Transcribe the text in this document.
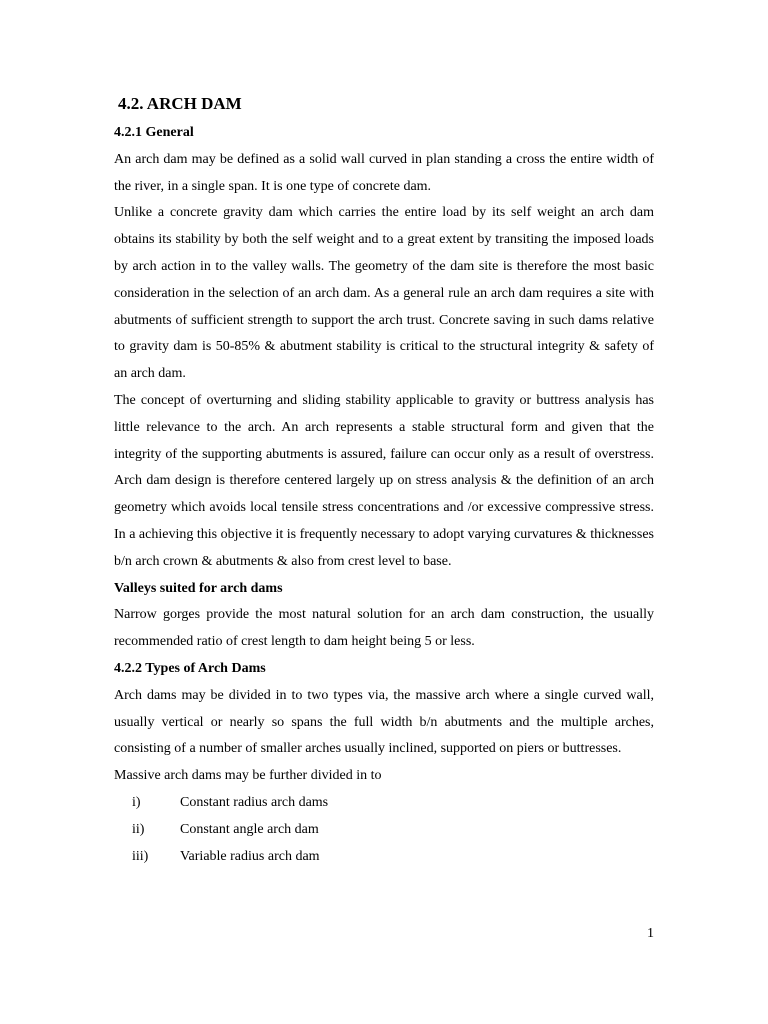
4.2. ARCH DAM
4.2.1 General

An arch dam may be defined as a solid wall curved in plan standing a cross the entire width of the river, in a single span. It is one type of concrete dam.

Unlike a concrete gravity dam which carries the entire load by its self weight an arch dam obtains its stability by both the self weight and to a great extent by transiting the imposed loads by arch action in to the valley walls. The geometry of the dam site is therefore the most basic consideration in the selection of an arch dam. As a general rule an arch dam requires a site with abutments of sufficient strength to support the arch trust. Concrete saving in such dams relative to gravity dam is 50-85% & abutment stability is critical to the structural integrity & safety of an arch dam.

The concept of overturning and sliding stability applicable to gravity or buttress analysis has little relevance to the arch. An arch represents a stable structural form and given that the integrity of the supporting abutments is assured, failure can occur only as a result of overstress. Arch dam design is therefore centered largely up on stress analysis & the definition of an arch geometry which avoids local tensile stress concentrations and /or excessive compressive stress. In a achieving this objective it is frequently necessary to adopt varying curvatures & thicknesses b/n arch crown & abutments & also from crest level to base.

Valleys suited for arch dams

Narrow gorges provide the most natural solution for an arch dam construction, the usually recommended ratio of crest length to dam height being 5 or less.

4.2.2 Types of Arch Dams

Arch dams may be divided in to two types via, the massive arch where a single curved wall, usually vertical or nearly so spans the full width b/n abutments and the multiple arches, consisting of a number of smaller arches usually inclined, supported on piers or buttresses.

Massive arch dams may be further divided in to

i)	Constant radius arch dams
ii)	Constant angle arch dam
iii)	Variable radius arch dam
1
